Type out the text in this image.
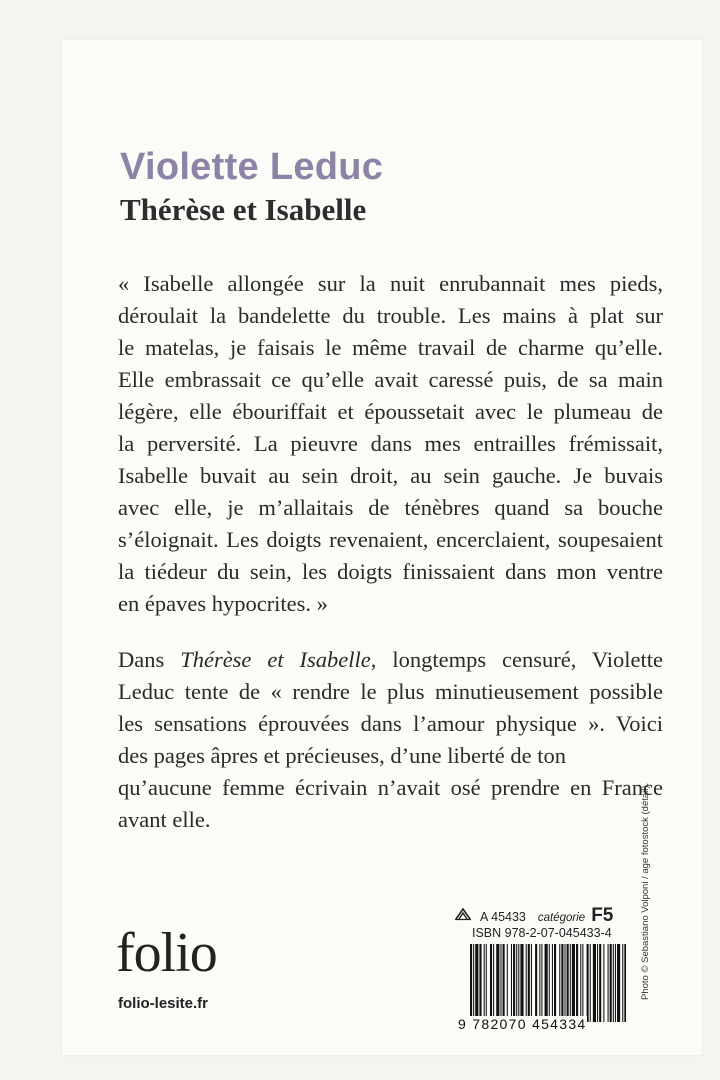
Violette Leduc
Thérèse et Isabelle

« Isabelle allongée sur la nuit enrubannait mes pieds,
déroulait la bandelette du trouble. Les mains à plat sur
le matelas, je faisais le même travail de charme qu’elle.
Elle embrassait ce qu’elle avait caressé puis, de sa main
légère, elle ébouriffait et époussetait avec le plumeau de
la perversité. La pieuvre dans mes entrailles frémissait,
Isabelle buvait au sein droit, au sein gauche. Je buvais
avec elle, je m’allaitais de ténèbres quand sa bouche
s’éloignait. Les doigts revenaient, encerclaient, soupesaient
la tiédeur du sein, les doigts finissaient dans mon ventre
en épaves hypocrites. »

Dans Thérèse et Isabelle, longtemps censuré, Violette
Leduc tente de « rendre le plus minutieusement possible
les sensations éprouvées dans l’amour physique ». Voici
des pages âpres et précieuses, d’une liberté de ton
qu’aucune femme écrivain n’avait osé prendre en France
avant elle.

folio
folio-lesite.fr
A 45433 catégorie F5
ISBN 978-2-07-045433-4
9 782070 454334
Photo © Sebastiano Volponi / age fotostock (détail).
